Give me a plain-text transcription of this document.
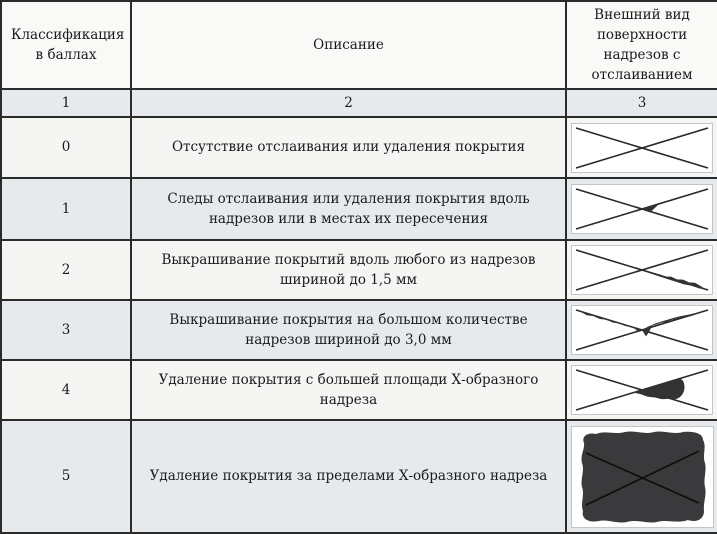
Классификация в баллах	Описание	Внешний вид поверхности надрезов с отслаиванием

1	2	3
0	Отсутствие отслаивания или удаления покрытия

1	Следы отслаивания или удаления покрытия вдоль надрезов или в местах их пересечения

2	Выкрашивание покрытий вдоль любого из надрезов шириной до 1,5 мм

3	Выкрашивание покрытия на большом количестве надрезов шириной до 3,0 мм

4	Удаление покрытия с большей площади Х-образного надреза

5	Удаление покрытия за пределами Х-образного надреза
